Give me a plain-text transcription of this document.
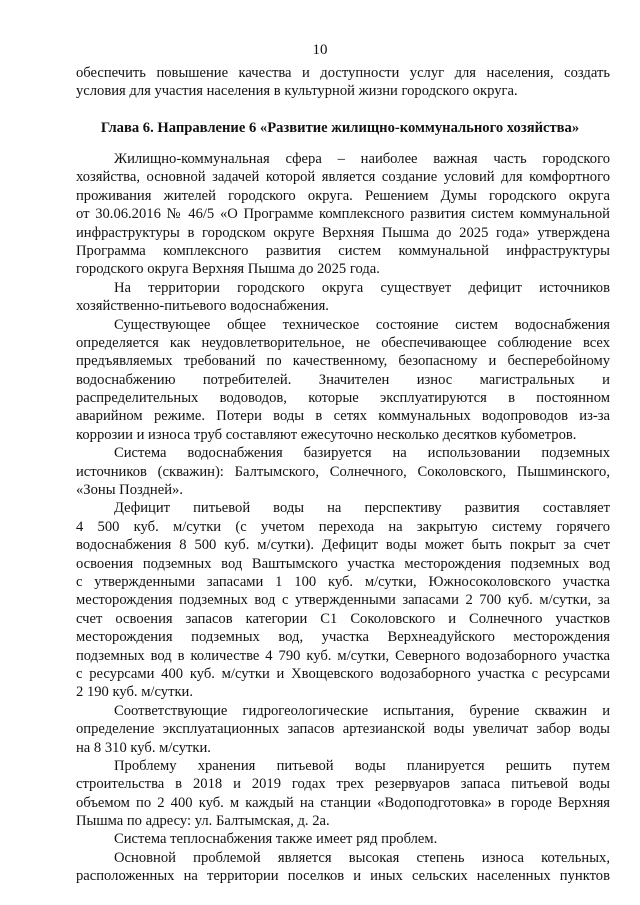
10
обеспечить повышение качества и доступности услуг для населения, создать
условия для участия населения в культурной жизни городского округа.
Глава 6. Направление 6 «Развитие жилищно-коммунального хозяйства»
Жилищно-коммунальная сфера – наиболее важная часть городского
хозяйства, основной задачей которой является создание условий для комфортного
проживания жителей городского округа. Решением Думы городского округа
от 30.06.2016 № 46/5 «О Программе комплексного развития систем коммунальной
инфраструктуры в городском округе Верхняя Пышма до 2025 года» утверждена
Программа комплексного развития систем коммунальной инфраструктуры
городского округа Верхняя Пышма до 2025 года.
На территории городского округа существует дефицит источников
хозяйственно-питьевого водоснабжения.
Существующее общее техническое состояние систем водоснабжения
определяется как неудовлетворительное, не обеспечивающее соблюдение всех
предъявляемых требований по качественному, безопасному и бесперебойному
водоснабжению потребителей. Значителен износ магистральных и
распределительных водоводов, которые эксплуатируются в постоянном
аварийном режиме. Потери воды в сетях коммунальных водопроводов из-за
коррозии и износа труб составляют ежесуточно несколько десятков кубометров.
Система водоснабжения базируется на использовании подземных
источников (скважин): Балтымского, Солнечного, Соколовского, Пышминского,
«Зоны Поздней».
Дефицит питьевой воды на перспективу развития составляет
4 500 куб. м/сутки (с учетом перехода на закрытую систему горячего
водоснабжения 8 500 куб. м/сутки). Дефицит воды может быть покрыт за счет
освоения подземных вод Ваштымского участка месторождения подземных вод
с утвержденными запасами 1 100 куб. м/сутки, Южносоколовского участка
месторождения подземных вод с утвержденными запасами 2 700 куб. м/сутки, за
счет освоения запасов категории С1 Соколовского и Солнечного участков
месторождения подземных вод, участка Верхнеадуйского месторождения
подземных вод в количестве 4 790 куб. м/сутки, Северного водозаборного участка
с ресурсами 400 куб. м/сутки и Хвощевского водозаборного участка с ресурсами
2 190 куб. м/сутки.
Соответствующие гидрогеологические испытания, бурение скважин и
определение эксплуатационных запасов артезианской воды увеличат забор воды
на 8 310 куб. м/сутки.
Проблему хранения питьевой воды планируется решить путем
строительства в 2018 и 2019 годах трех резервуаров запаса питьевой воды
объемом по 2 400 куб. м каждый на станции «Водоподготовка» в городе Верхняя
Пышма по адресу: ул. Балтымская, д. 2а.
Система теплоснабжения также имеет ряд проблем.
Основной проблемой является высокая степень износа котельных,
расположенных на территории поселков и иных сельских населенных пунктов
